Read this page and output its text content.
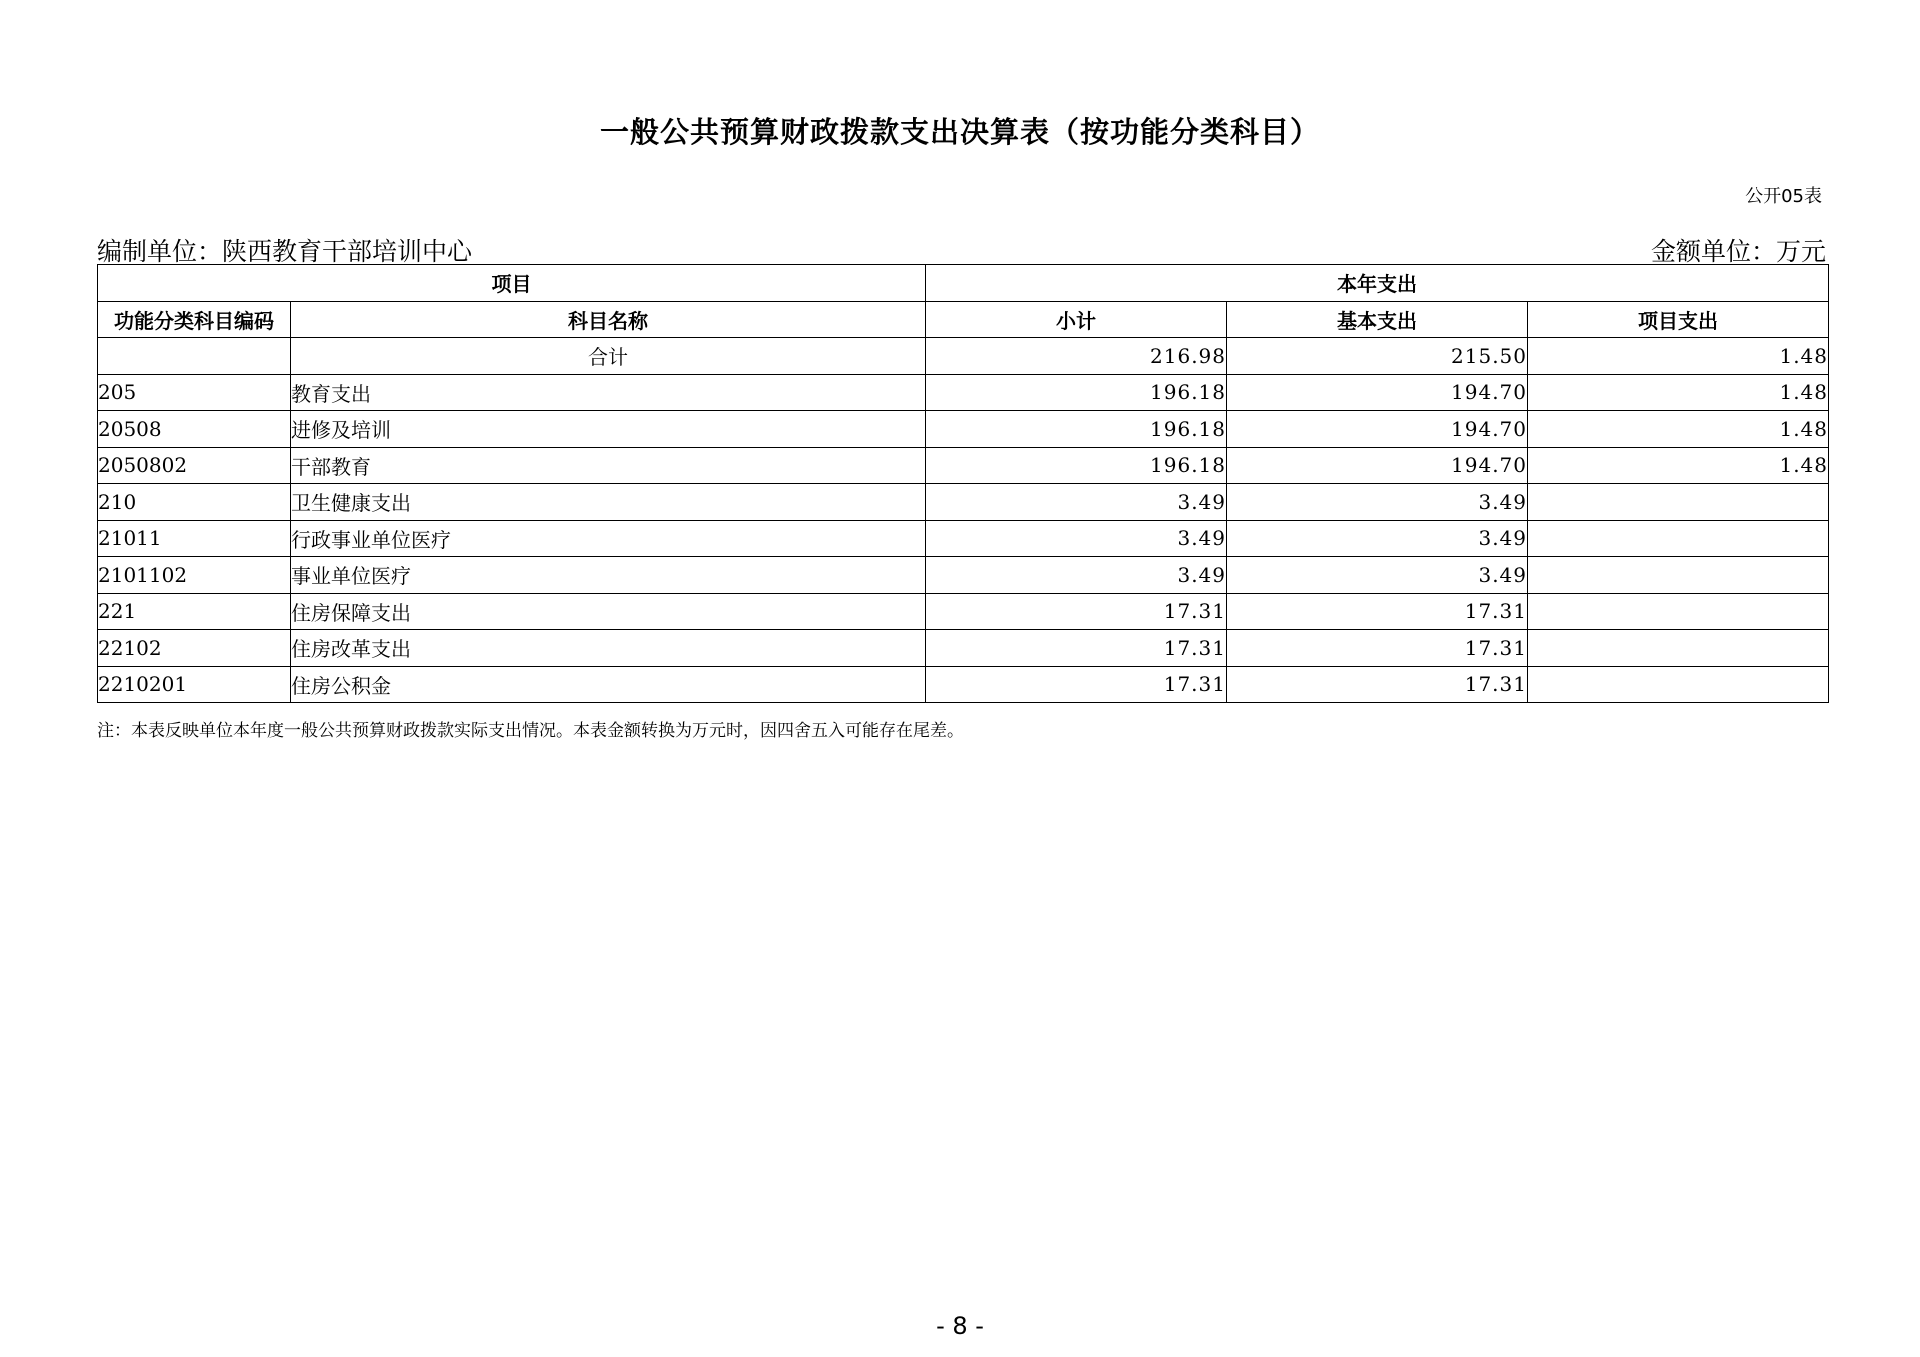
一般公共预算财政拨款支出决算表（按功能分类科目）
公开05表
编制单位：陕西教育干部培训中心	金额单位：万元
项目		本年支出		
功能分类科目编码	科目名称	小计	基本支出	项目支出
	合计	216.98	215.50	1.48
205	教育支出	196.18	194.70	1.48
20508	进修及培训	196.18	194.70	1.48
2050802	干部教育	196.18	194.70	1.48
210	卫生健康支出	3.49	3.49	
21011	行政事业单位医疗	3.49	3.49	
2101102	事业单位医疗	3.49	3.49	
221	住房保障支出	17.31	17.31	
22102	住房改革支出	17.31	17.31	
2210201	住房公积金	17.31	17.31	
注：本表反映单位本年度一般公共预算财政拨款实际支出情况。本表金额转换为万元时，因四舍五入可能存在尾差。
- 8 -
